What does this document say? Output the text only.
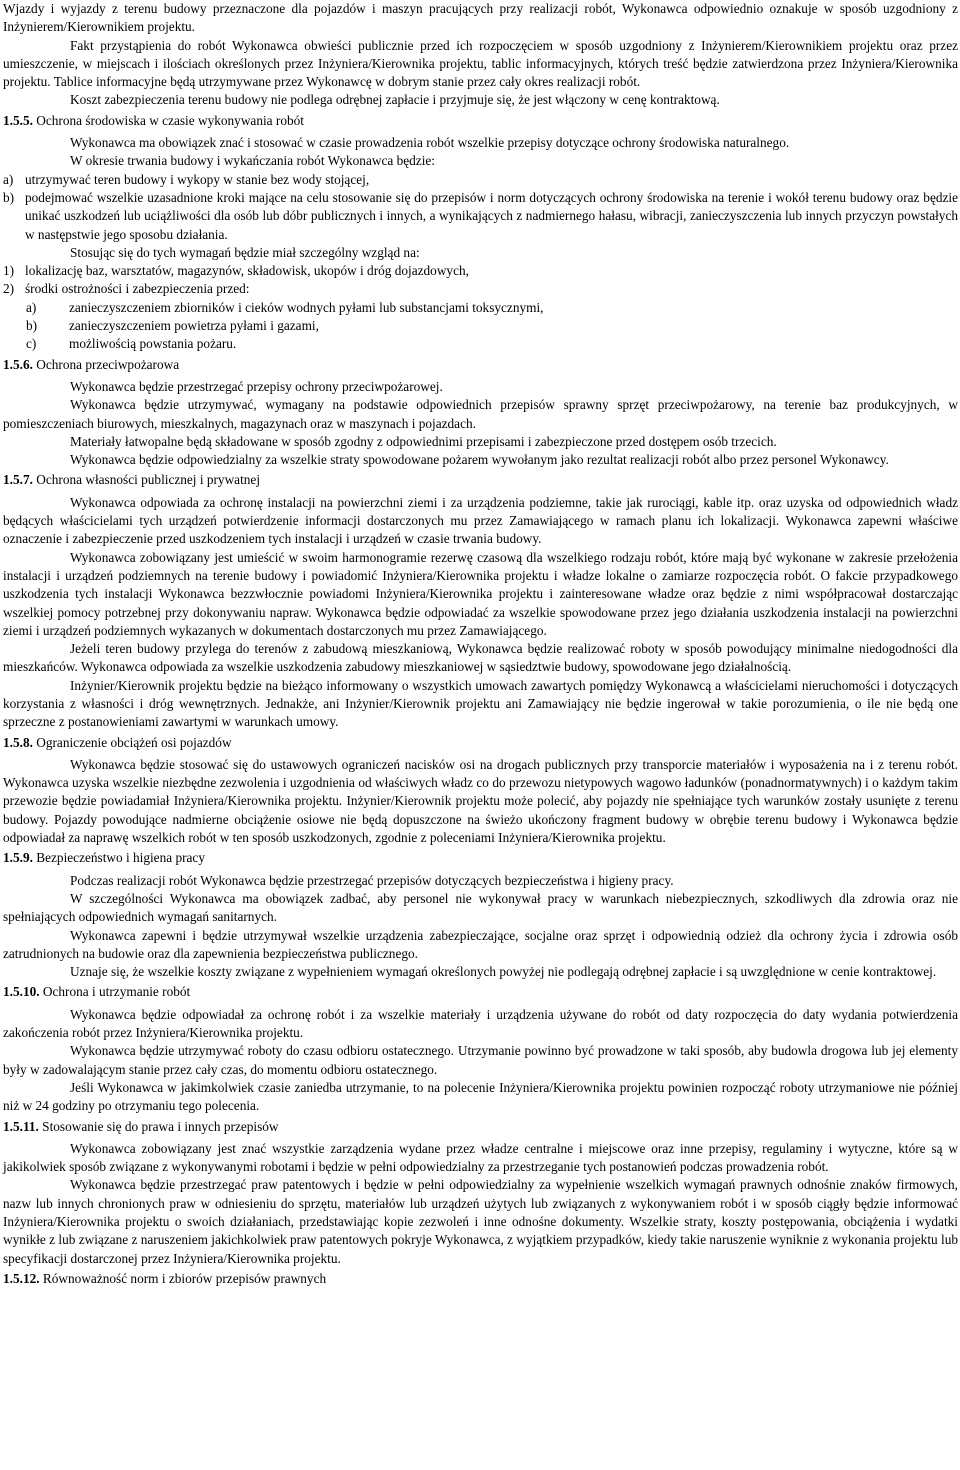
Wjazdy i wyjazdy z terenu budowy przeznaczone dla pojazdów i maszyn pracujących przy realizacji robót, Wykonawca odpowiednio oznakuje w sposób uzgodniony z Inżynierem/Kierownikiem projektu.

Fakt przystąpienia do robót Wykonawca obwieści publicznie przed ich rozpoczęciem w sposób uzgodniony z Inżynierem/Kierownikiem projektu oraz przez umieszczenie, w miejscach i ilościach określonych przez Inżyniera/Kierownika projektu, tablic informacyjnych, których treść będzie zatwierdzona przez Inżyniera/Kierownika projektu. Tablice informacyjne będą utrzymywane przez Wykonawcę w dobrym stanie przez cały okres realizacji robót.

Koszt zabezpieczenia terenu budowy nie podlega odrębnej zapłacie i przyjmuje się, że jest włączony w cenę kontraktową.

1.5.5. Ochrona środowiska w czasie wykonywania robót

Wykonawca ma obowiązek znać i stosować w czasie prowadzenia robót wszelkie przepisy dotyczące ochrony środowiska naturalnego.

W okresie trwania budowy i wykańczania robót Wykonawca będzie:

a) utrzymywać teren budowy i wykopy w stanie bez wody stojącej,
b) podejmować wszelkie uzasadnione kroki mające na celu stosowanie się do przepisów i norm dotyczących ochrony środowiska na terenie i wokół terenu budowy oraz będzie unikać uszkodzeń lub uciążliwości dla osób lub dóbr publicznych i innych, a wynikających z nadmiernego hałasu, wibracji, zanieczyszczenia lub innych przyczyn powstałych w następstwie jego sposobu działania.

Stosując się do tych wymagań będzie miał szczególny wzgląd na:

1) lokalizację baz, warsztatów, magazynów, składowisk, ukopów i dróg dojazdowych,
2) środki ostrożności i zabezpieczenia przed:
a)	zanieczyszczeniem zbiorników i cieków wodnych pyłami lub substancjami toksycznymi,
b)	zanieczyszczeniem powietrza pyłami i gazami,
c)	możliwością powstania pożaru.
1.5.6. Ochrona przeciwpożarowa

Wykonawca będzie przestrzegać przepisy ochrony przeciwpożarowej.

Wykonawca będzie utrzymywać, wymagany na podstawie odpowiednich przepisów sprawny sprzęt przeciwpożarowy, na terenie baz produkcyjnych, w pomieszczeniach biurowych, mieszkalnych, magazynach oraz w maszynach i pojazdach.

Materiały łatwopalne będą składowane w sposób zgodny z odpowiednimi przepisami i zabezpieczone przed dostępem osób trzecich.

Wykonawca będzie odpowiedzialny za wszelkie straty spowodowane pożarem wywołanym jako rezultat realizacji robót albo przez personel Wykonawcy.

1.5.7. Ochrona własności publicznej i prywatnej

Wykonawca odpowiada za ochronę instalacji na powierzchni ziemi i za urządzenia podziemne, takie jak rurociągi, kable itp. oraz uzyska od odpowiednich władz będących właścicielami tych urządzeń potwierdzenie informacji dostarczonych mu przez Zamawiającego w ramach planu ich lokalizacji. Wykonawca zapewni właściwe oznaczenie i zabezpieczenie przed uszkodzeniem tych instalacji i urządzeń w czasie trwania budowy.

Wykonawca zobowiązany jest umieścić w swoim harmonogramie rezerwę czasową dla wszelkiego rodzaju robót, które mają być wykonane w zakresie przełożenia instalacji i urządzeń podziemnych na terenie budowy i powiadomić Inżyniera/Kierownika projektu i władze lokalne o zamiarze rozpoczęcia robót. O fakcie przypadkowego uszkodzenia tych instalacji Wykonawca bezzwłocznie powiadomi Inżyniera/Kierownika projektu i zainteresowane władze oraz będzie z nimi współpracował dostarczając wszelkiej pomocy potrzebnej przy dokonywaniu napraw. Wykonawca będzie odpowiadać za wszelkie spowodowane przez jego działania uszkodzenia instalacji na powierzchni ziemi i urządzeń podziemnych wykazanych w dokumentach dostarczonych mu przez Zamawiającego.

Jeżeli teren budowy przylega do terenów z zabudową mieszkaniową, Wykonawca będzie realizować roboty w sposób powodujący minimalne niedogodności dla mieszkańców. Wykonawca odpowiada za wszelkie uszkodzenia zabudowy mieszkaniowej w sąsiedztwie budowy, spowodowane jego działalnością.

Inżynier/Kierownik projektu będzie na bieżąco informowany o wszystkich umowach zawartych pomiędzy Wykonawcą a właścicielami nieruchomości i dotyczących korzystania z własności i dróg wewnętrznych. Jednakże, ani Inżynier/Kierownik projektu ani Zamawiający nie będzie ingerował w takie porozumienia, o ile nie będą one sprzeczne z postanowieniami zawartymi w warunkach umowy.

1.5.8. Ograniczenie obciążeń osi pojazdów

Wykonawca będzie stosować się do ustawowych ograniczeń nacisków osi na drogach publicznych przy transporcie materiałów i wyposażenia na i z terenu robót. Wykonawca uzyska wszelkie niezbędne zezwolenia i uzgodnienia od właściwych władz co do przewozu nietypowych wagowo ładunków (ponadnormatywnych) i o każdym takim przewozie będzie powiadamiał Inżyniera/Kierownika projektu. Inżynier/Kierownik projektu może polecić, aby pojazdy nie spełniające tych warunków zostały usunięte z terenu budowy. Pojazdy powodujące nadmierne obciążenie osiowe nie będą dopuszczone na świeżo ukończony fragment budowy w obrębie terenu budowy i Wykonawca będzie odpowiadał za naprawę wszelkich robót w ten sposób uszkodzonych, zgodnie z poleceniami Inżyniera/Kierownika projektu.

1.5.9. Bezpieczeństwo i higiena pracy

Podczas realizacji robót Wykonawca będzie przestrzegać przepisów dotyczących bezpieczeństwa i higieny pracy.

W szczególności Wykonawca ma obowiązek zadbać, aby personel nie wykonywał pracy w warunkach niebezpiecznych, szkodliwych dla zdrowia oraz nie spełniających odpowiednich wymagań sanitarnych.

Wykonawca zapewni i będzie utrzymywał wszelkie urządzenia zabezpieczające, socjalne oraz sprzęt i odpowiednią odzież dla ochrony życia i zdrowia osób zatrudnionych na budowie oraz dla zapewnienia bezpieczeństwa publicznego.

Uznaje się, że wszelkie koszty związane z wypełnieniem wymagań określonych powyżej nie podlegają odrębnej zapłacie i są uwzględnione w cenie kontraktowej.

1.5.10. Ochrona i utrzymanie robót

Wykonawca będzie odpowiadał za ochronę robót i za wszelkie materiały i urządzenia używane do robót od daty rozpoczęcia do daty wydania potwierdzenia zakończenia robót przez Inżyniera/Kierownika projektu.

Wykonawca będzie utrzymywać roboty do czasu odbioru ostatecznego. Utrzymanie powinno być prowadzone w taki sposób, aby budowla drogowa lub jej elementy były w zadowalającym stanie przez cały czas, do momentu odbioru ostatecznego.

Jeśli Wykonawca w jakimkolwiek czasie zaniedba utrzymanie, to na polecenie Inżyniera/Kierownika projektu powinien rozpocząć roboty utrzymaniowe nie później niż w 24 godziny po otrzymaniu tego polecenia.

1.5.11. Stosowanie się do prawa i innych przepisów

Wykonawca zobowiązany jest znać wszystkie zarządzenia wydane przez władze centralne i miejscowe oraz inne przepisy, regulaminy i wytyczne, które są w jakikolwiek sposób związane z wykonywanymi robotami i będzie w pełni odpowiedzialny za przestrzeganie tych postanowień podczas prowadzenia robót.

Wykonawca będzie przestrzegać praw patentowych i będzie w pełni odpowiedzialny za wypełnienie wszelkich wymagań prawnych odnośnie znaków firmowych, nazw lub innych chronionych praw w odniesieniu do sprzętu, materiałów lub urządzeń użytych lub związanych z wykonywaniem robót i w sposób ciągły będzie informować Inżyniera/Kierownika projektu o swoich działaniach, przedstawiając kopie zezwoleń i inne odnośne dokumenty. Wszelkie straty, koszty postępowania, obciążenia i wydatki wynikłe z lub związane z naruszeniem jakichkolwiek praw patentowych pokryje Wykonawca, z wyjątkiem przypadków, kiedy takie naruszenie wyniknie z wykonania projektu lub specyfikacji dostarczonej przez Inżyniera/Kierownika projektu.

1.5.12. Równoważność norm i zbiorów przepisów prawnych
